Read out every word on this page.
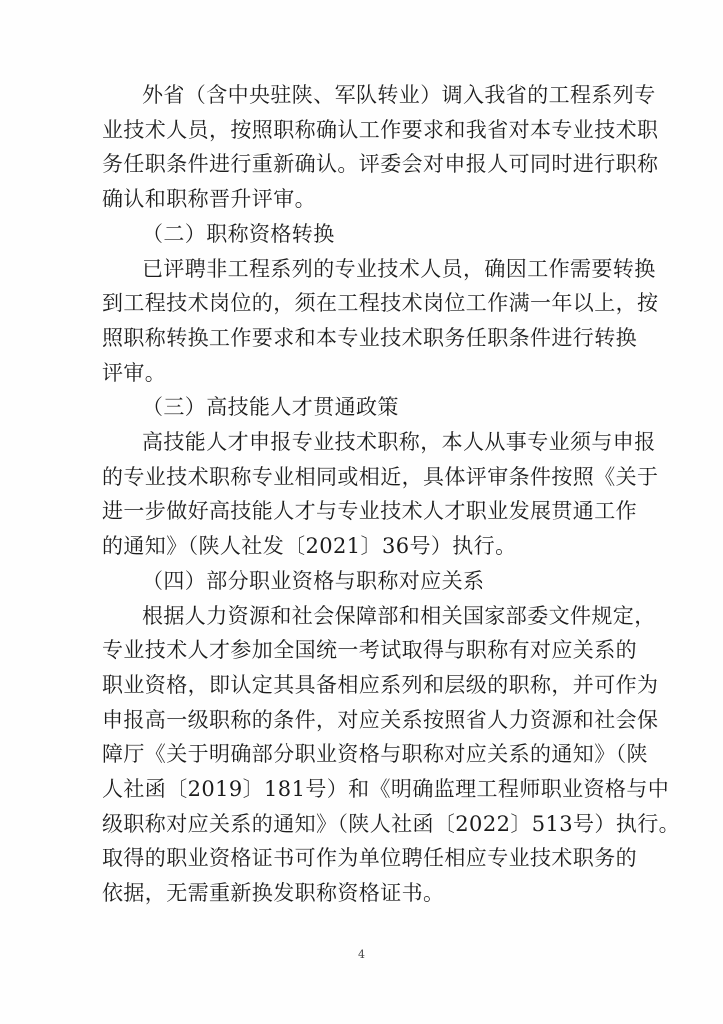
外省（含中央驻陕、军队转业）调入我省的工程系列专
业技术人员，按照职称确认工作要求和我省对本专业技术职
务任职条件进行重新确认。评委会对申报人可同时进行职称
确认和职称晋升评审。
（二）职称资格转换
已评聘非工程系列的专业技术人员，确因工作需要转换
到工程技术岗位的，须在工程技术岗位工作满一年以上，按
照职称转换工作要求和本专业技术职务任职条件进行转换
评审。
（三）高技能人才贯通政策
高技能人才申报专业技术职称，本人从事专业须与申报
的专业技术职称专业相同或相近，具体评审条件按照《关于
进一步做好高技能人才与专业技术人才职业发展贯通工作
的通知》（陕人社发〔2021〕36号）执行。
（四）部分职业资格与职称对应关系
根据人力资源和社会保障部和相关国家部委文件规定，
专业技术人才参加全国统一考试取得与职称有对应关系的
职业资格，即认定其具备相应系列和层级的职称，并可作为
申报高一级职称的条件，对应关系按照省人力资源和社会保
障厅《关于明确部分职业资格与职称对应关系的通知》（陕
人社函〔2019〕181号）和《明确监理工程师职业资格与中
级职称对应关系的通知》（陕人社函〔2022〕513号）执行。
取得的职业资格证书可作为单位聘任相应专业技术职务的
依据，无需重新换发职称资格证书。
4
